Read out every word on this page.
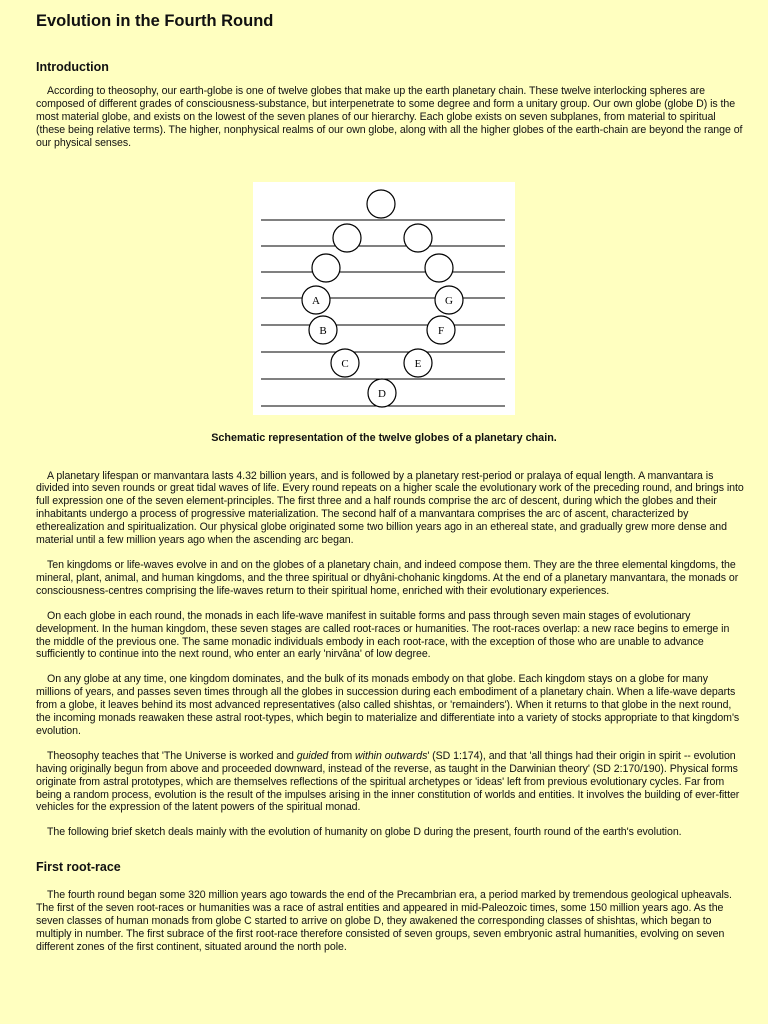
Evolution in the Fourth Round
Introduction

According to theosophy, our earth-globe is one of twelve globes that make up the earth planetary chain. These twelve interlocking spheres are composed of different grades of consciousness-substance, but interpenetrate to some degree and form a unitary group. Our own globe (globe D) is the most material globe, and exists on the lowest of the seven planes of our hierarchy. Each globe exists on seven subplanes, from material to spiritual (these being relative terms). The higher, nonphysical realms of our own globe, along with all the higher globes of the earth-chain are beyond the range of our physical senses.

A
B
C
D
E
F
G
Schematic representation of the twelve globes of a planetary chain.

A planetary lifespan or manvantara lasts 4.32 billion years, and is followed by a planetary rest-period or pralaya of equal length. A manvantara is divided into seven rounds or great tidal waves of life. Every round repeats on a higher scale the evolutionary work of the preceding round, and brings into full expression one of the seven element-principles. The first three and a half rounds comprise the arc of descent, during which the globes and their inhabitants undergo a process of progressive materialization. The second half of a manvantara comprises the arc of ascent, characterized by etherealization and spiritualization. Our physical globe originated some two billion years ago in an ethereal state, and gradually grew more dense and material until a few million years ago when the ascending arc began.

Ten kingdoms or life-waves evolve in and on the globes of a planetary chain, and indeed compose them. They are the three elemental kingdoms, the mineral, plant, animal, and human kingdoms, and the three spiritual or dhyâni-chohanic kingdoms. At the end of a planetary manvantara, the monads or consciousness-centres comprising the life-waves return to their spiritual home, enriched with their evolutionary experiences.

On each globe in each round, the monads in each life-wave manifest in suitable forms and pass through seven main stages of evolutionary development. In the human kingdom, these seven stages are called root-races or humanities. The root-races overlap: a new race begins to emerge in the middle of the previous one. The same monadic individuals embody in each root-race, with the exception of those who are unable to advance sufficiently to continue into the next round, who enter an early 'nirvâna' of low degree.

On any globe at any time, one kingdom dominates, and the bulk of its monads embody on that globe. Each kingdom stays on a globe for many millions of years, and passes seven times through all the globes in succession during each embodiment of a planetary chain. When a life-wave departs from a globe, it leaves behind its most advanced representatives (also called shishtas, or 'remainders'). When it returns to that globe in the next round, the incoming monads reawaken these astral root-types, which begin to materialize and differentiate into a variety of stocks appropriate to that kingdom's evolution.

Theosophy teaches that 'The Universe is worked and guided from within outwards' (SD 1:174), and that 'all things had their origin in spirit -- evolution having originally begun from above and proceeded downward, instead of the reverse, as taught in the Darwinian theory' (SD 2:170/190). Physical forms originate from astral prototypes, which are themselves reflections of the spiritual archetypes or 'ideas' left from previous evolutionary cycles. Far from being a random process, evolution is the result of the impulses arising in the inner constitution of worlds and entities. It involves the building of ever-fitter vehicles for the expression of the latent powers of the spiritual monad.

The following brief sketch deals mainly with the evolution of humanity on globe D during the present, fourth round of the earth's evolution.

First root-race

The fourth round began some 320 million years ago towards the end of the Precambrian era, a period marked by tremendous geological upheavals. The first of the seven root-races or humanities was a race of astral entities and appeared in mid-Paleozoic times, some 150 million years ago. As the seven classes of human monads from globe C started to arrive on globe D, they awakened the corresponding classes of shishtas, which began to multiply in number. The first subrace of the first root-race therefore consisted of seven groups, seven embryonic astral humanities, evolving on seven different zones of the first continent, situated around the north pole.
